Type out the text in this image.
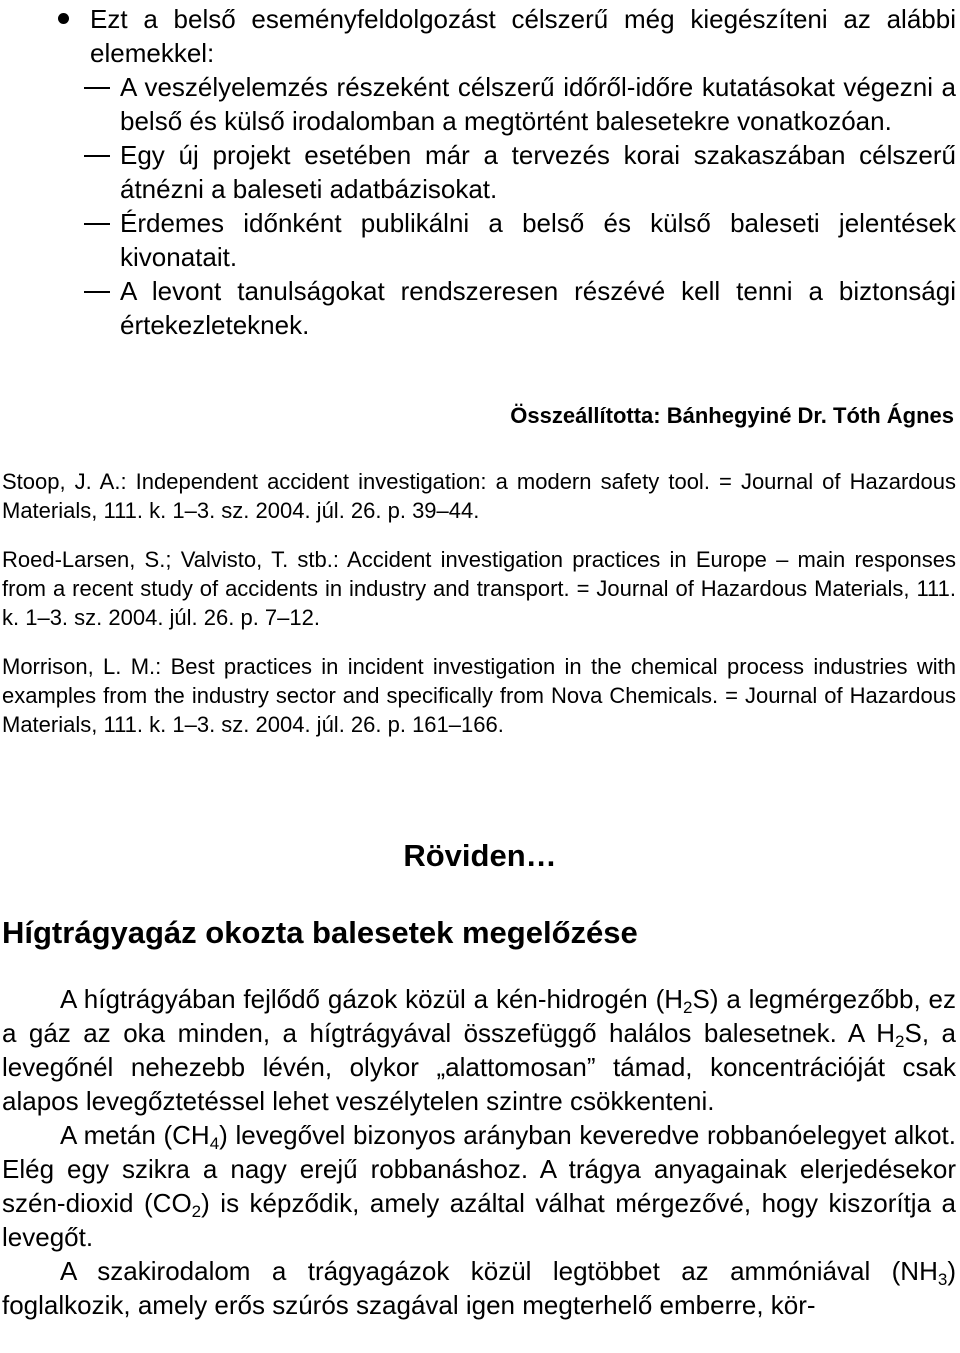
Ezt a belső eseményfeldolgozást célszerű még kiegészíteni az alábbi elemekkel:
A veszélyelemzés részeként célszerű időről-időre kutatásokat végezni a belső és külső irodalomban a megtörtént balesetekre vonatkozóan.
Egy új projekt esetében már a tervezés korai szakaszában célszerű átnézni a baleseti adatbázisokat.
Érdemes időnként publikálni a belső és külső baleseti jelentések kivonatait.
A levont tanulságokat rendszeresen részévé kell tenni a biztonsági értekezleteknek.
Összeállította: Bánhegyiné Dr. Tóth Ágnes

Stoop, J. A.: Independent accident investigation: a modern safety tool. = Journal of Hazardous Materials, 111. k. 1–3. sz. 2004. júl. 26. p. 39–44.

Roed-Larsen, S.; Valvisto, T. stb.: Accident investigation practices in Europe – main responses from a recent study of accidents in industry and transport. = Journal of Hazardous Materials, 111. k. 1–3. sz. 2004. júl. 26. p. 7–12.

Morrison, L. M.: Best practices in incident investigation in the chemical process industries with examples from the industry sector and specifically from Nova Chemicals. = Journal of Hazardous Materials, 111. k. 1–3. sz. 2004. júl. 26. p. 161–166.

Röviden…
Hígtrágyagáz okozta balesetek megelőzése

A hígtrágyában fejlődő gázok közül a kén-hidrogén $(H_2S)$ a legmérgezőbb, ez a gáz az oka minden, a hígtrágyával összefüggő halálos balesetnek. A $H_2S$, a levegőnél nehezebb lévén, olykor „alattomosan” támad, koncentrációját csak alapos levegőztetéssel lehet veszélytelen szintre csökkenteni.

A metán $(CH_4)$ levegővel bizonyos arányban keveredve robbanóelegyet alkot. Elég egy szikra a nagy erejű robbanáshoz. A trágya anyagainak elerjedésekor szén-dioxid $(CO_2)$ is képződik, amely azáltal válhat mérgezővé, hogy kiszorítja a levegőt.

A szakirodalom a trágyagázok közül legtöbbet az ammóniával $(NH_3)$ foglalkozik, amely erős szúrós szagával igen megterhelő emberre, kör-
